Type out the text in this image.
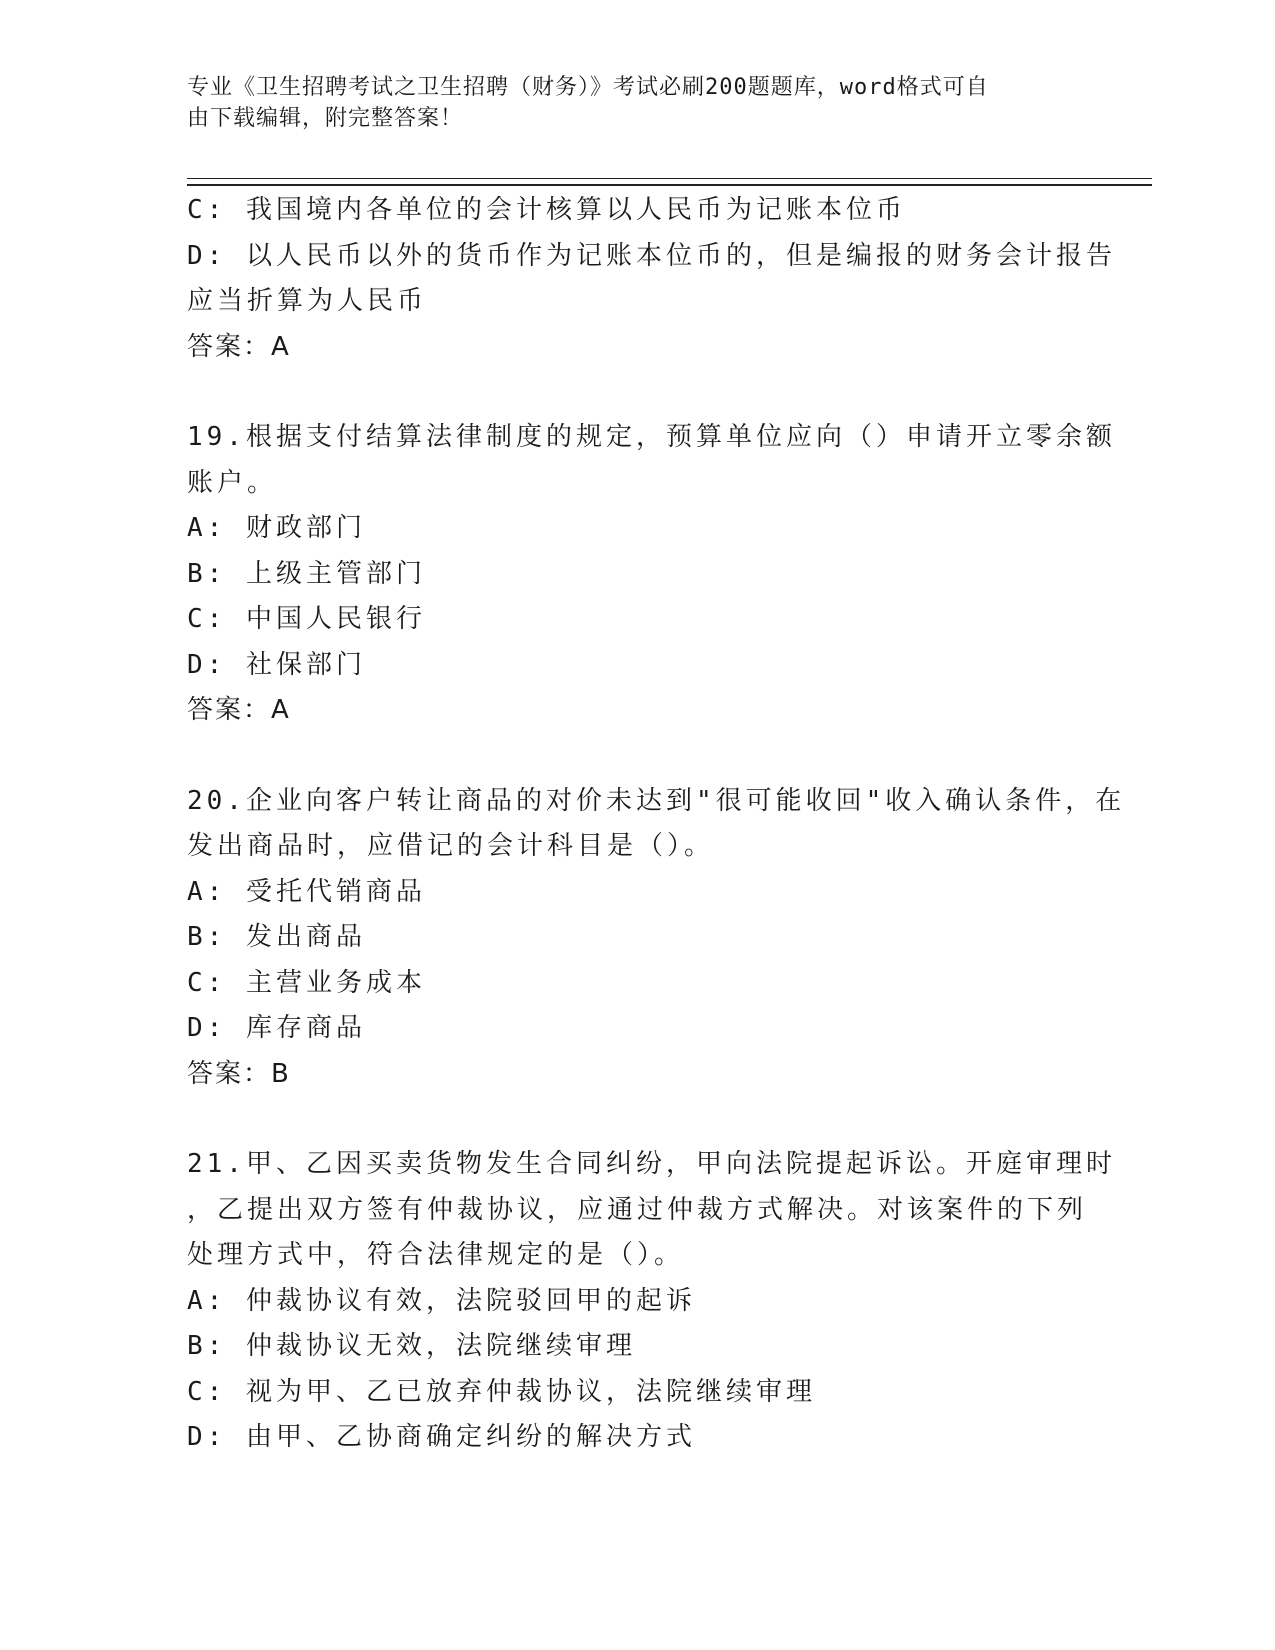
专业《卫生招聘考试之卫生招聘（财务）》考试必刷200题题库，word格式可自
由下载编辑，附完整答案！
C: 我国境内各单位的会计核算以人民币为记账本位币
D: 以人民币以外的货币作为记账本位币的，但是编报的财务会计报告
应当折算为人民币
答案：A
19.根据支付结算法律制度的规定，预算单位应向（）申请开立零余额
账户。
A: 财政部门
B: 上级主管部门
C: 中国人民银行
D: 社保部门
答案：A
20.企业向客户转让商品的对价未达到"很可能收回"收入确认条件，在
发出商品时，应借记的会计科目是（）。
A: 受托代销商品
B: 发出商品
C: 主营业务成本
D: 库存商品
答案：B
21.甲、乙因买卖货物发生合同纠纷，甲向法院提起诉讼。开庭审理时
，乙提出双方签有仲裁协议，应通过仲裁方式解决。对该案件的下列
处理方式中，符合法律规定的是（）。
A: 仲裁协议有效，法院驳回甲的起诉
B: 仲裁协议无效，法院继续审理
C: 视为甲、乙已放弃仲裁协议，法院继续审理
D: 由甲、乙协商确定纠纷的解决方式
